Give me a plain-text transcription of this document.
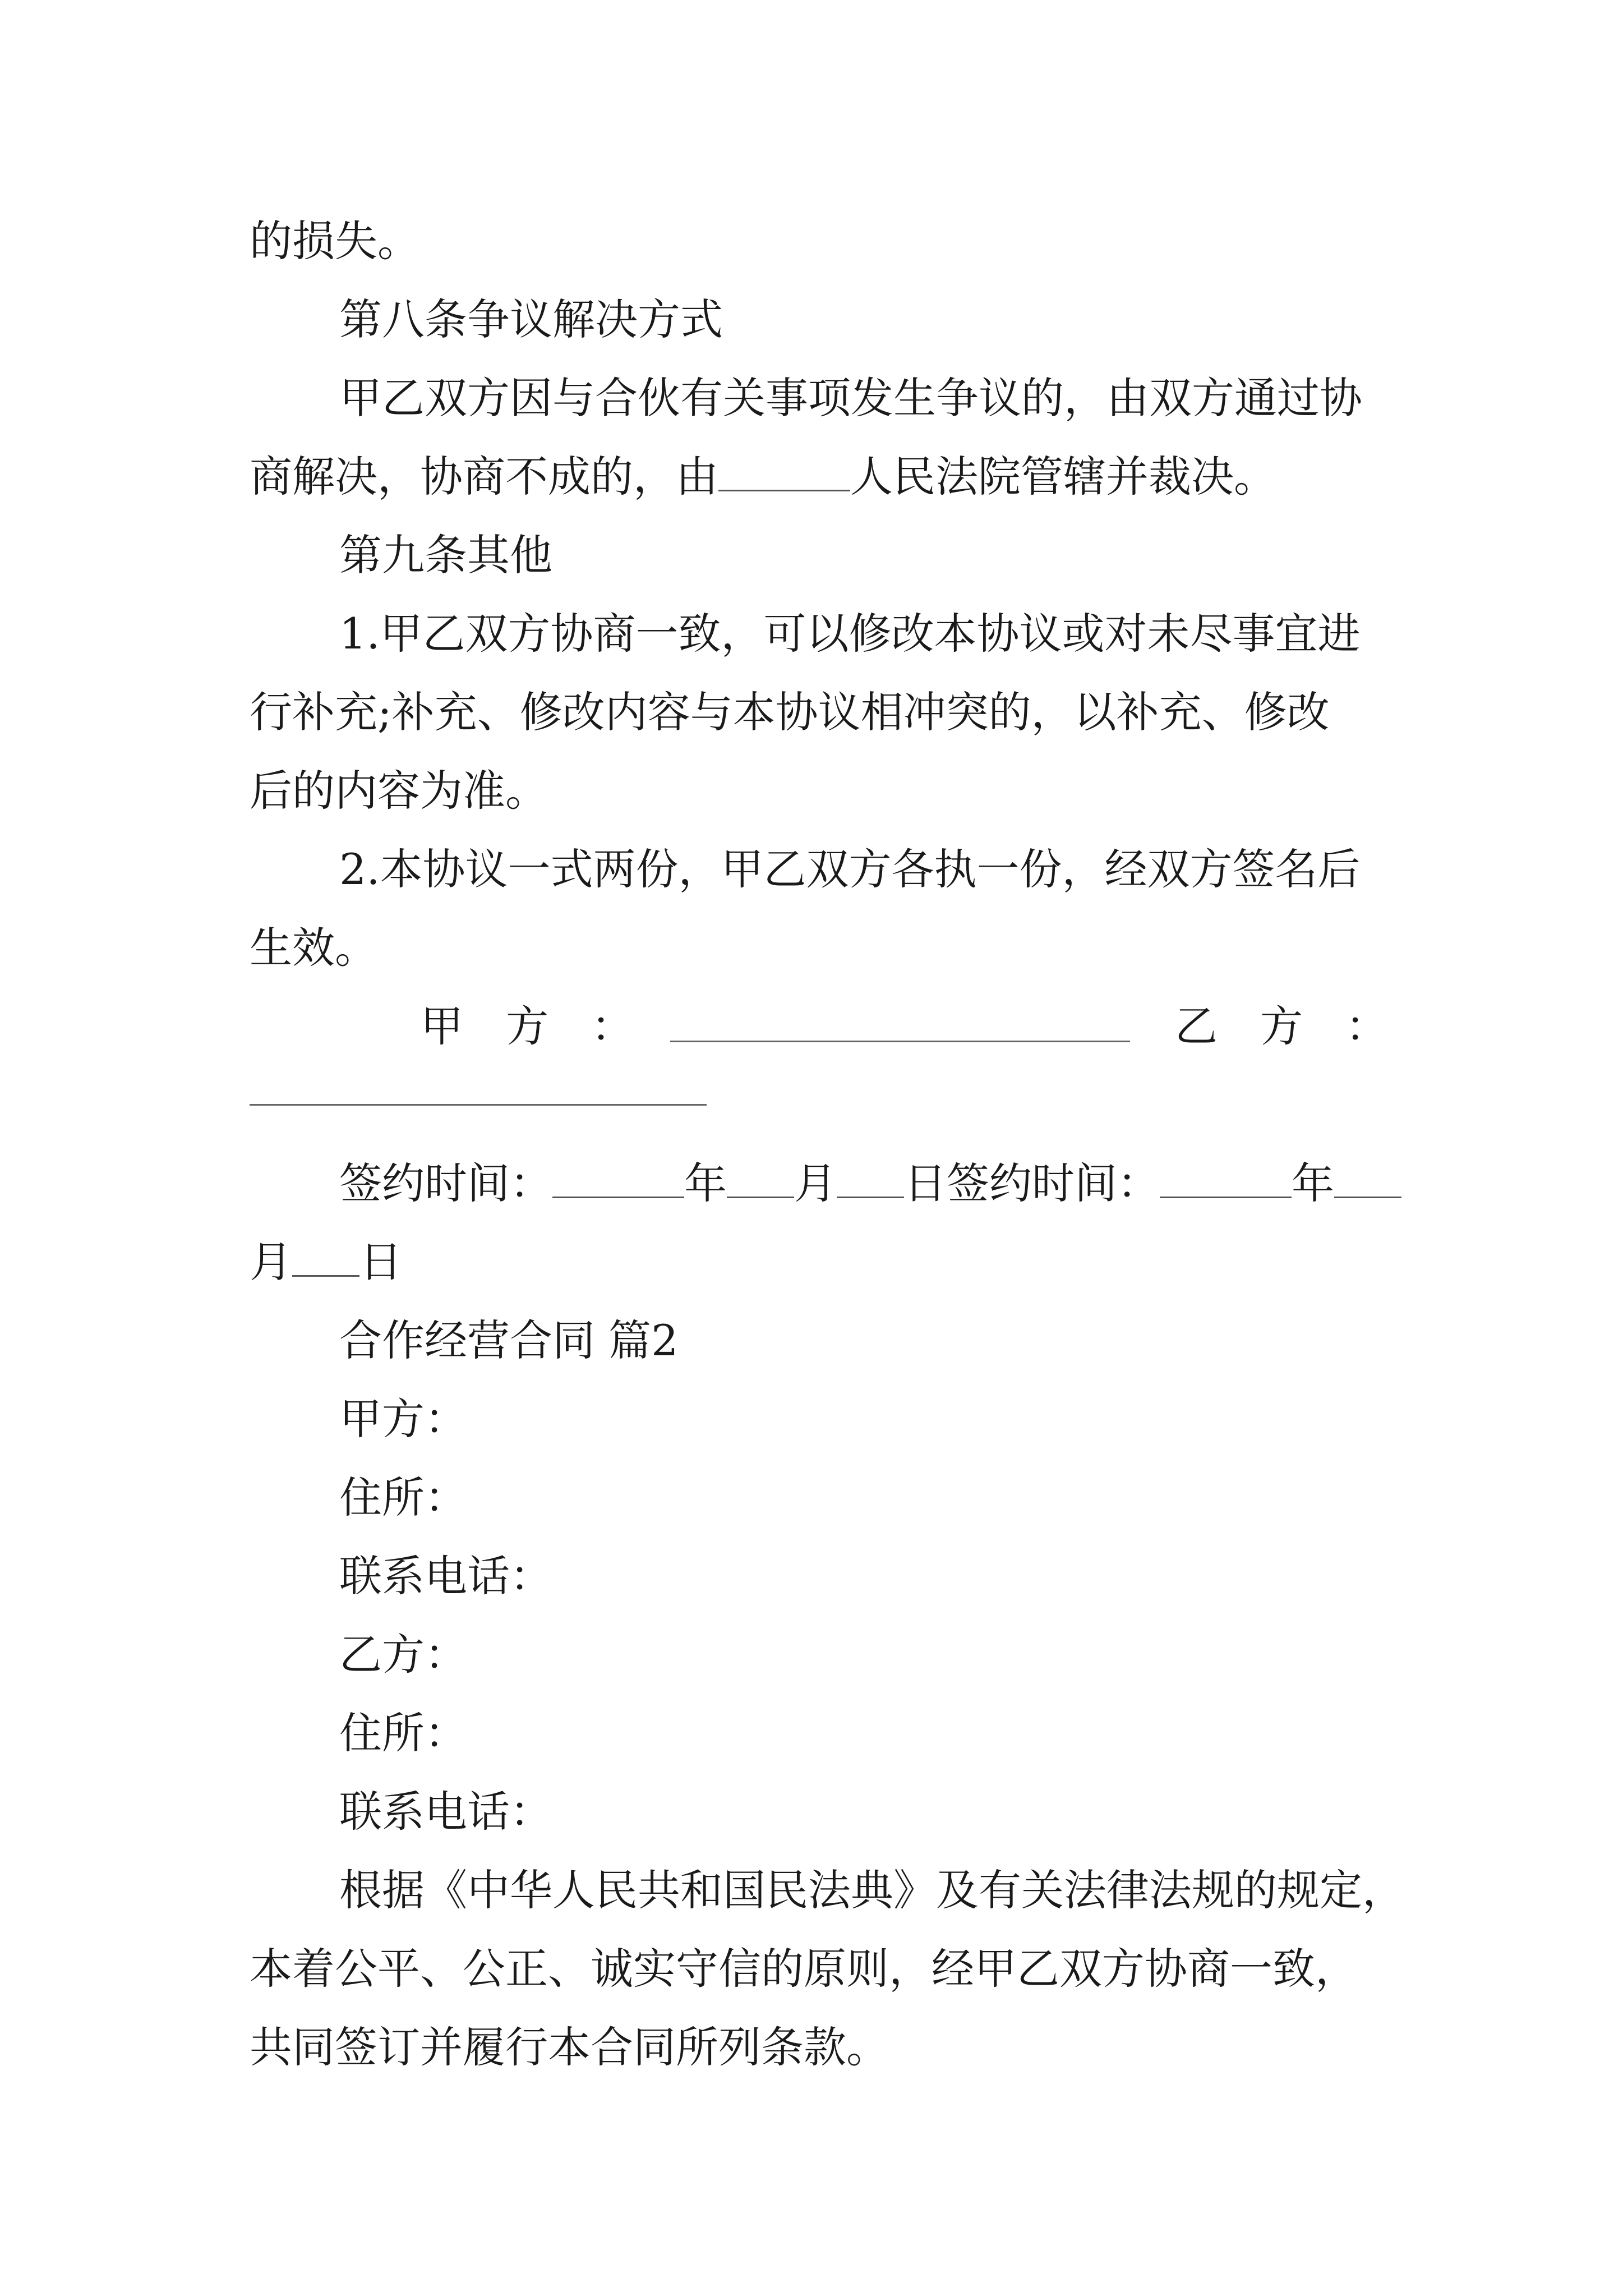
的损失。
第八条争议解决方式
甲乙双方因与合伙有关事项发生争议的，由双方通过协
商解决，协商不成的，由	人民法院管辖并裁决。
第九条其他
1.甲乙双方协商一致，可以修改本协议或对未尽事宜进
行补充;补充、修改内容与本协议相冲突的，以补充、修改
后的内容为准。
2.本协议一式两份，甲乙双方各执一份，经双方签名后
生效。
甲　方　：	乙　方　：
签约时间：	年 月 日签约时间：	年
月 日
合作经营合同 篇2
甲方：
住所：
联系电话：
乙方：
住所：
联系电话：
根据《中华人民共和国民法典》及有关法律法规的规定，
本着公平、公正、诚实守信的原则，经甲乙双方协商一致，
共同签订并履行本合同所列条款。
